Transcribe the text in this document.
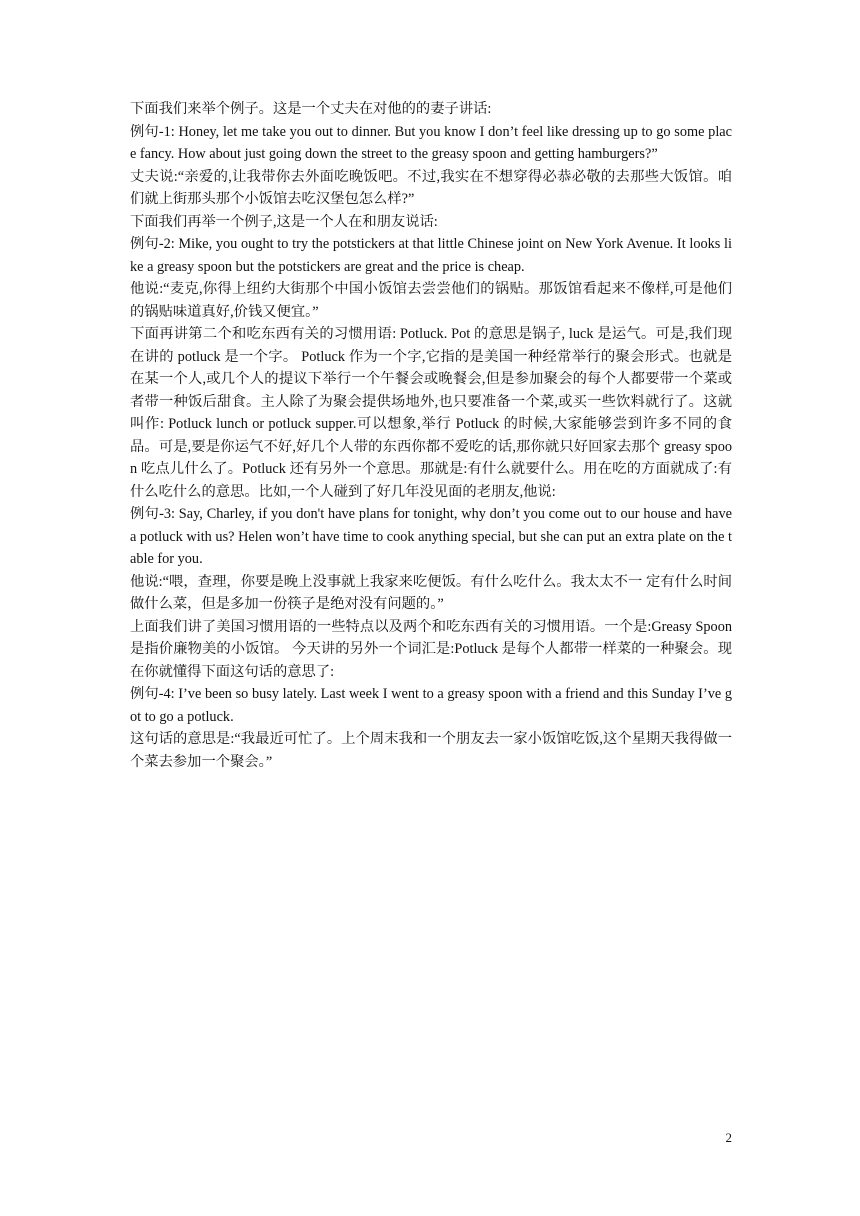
下面我们来举个例子。这是一个丈夫在对他的的妻子讲话:

例句-1: Honey, let me take you out to dinner. But you know I don’t feel like dressing up to go some place fancy. How about just going down the street to the greasy spoon and getting hamburgers?”

丈夫说:“亲爱的,让我带你去外面吃晚饭吧。不过,我实在不想穿得必恭必敬的去那些大饭馆。咱们就上街那头那个小饭馆去吃汉堡包怎么样?”

下面我们再举一个例子,这是一个人在和朋友说话:

例句-2: Mike, you ought to try the potstickers at that little Chinese joint on New York Avenue. It looks like a greasy spoon but the potstickers are great and the price is cheap.

他说:“麦克,你得上纽约大街那个中国小饭馆去尝尝他们的锅贴。那饭馆看起来不像样,可是他们的锅贴味道真好,价钱又便宜。”

下面再讲第二个和吃东西有关的习惯用语: Potluck. Pot 的意思是锅子, luck 是运气。可是,我们现在讲的 potluck 是一个字。 Potluck 作为一个字,它指的是美国一种经常举行的聚会形式。也就是在某一个人,或几个人的提议下举行一个午餐会或晚餐会,但是参加聚会的每个人都要带一个菜或者带一种饭后甜食。主人除了为聚会提供场地外,也只要准备一个菜,或买一些饮料就行了。这就叫作: Potluck lunch or potluck supper.可以想象,举行 Potluck 的时候,大家能够尝到许多不同的食品。可是,要是你运气不好,好几个人带的东西你都不爱吃的话,那你就只好回家去那个 greasy spoon 吃点儿什么了。Potluck 还有另外一个意思。那就是:有什么就要什么。用在吃的方面就成了:有什么吃什么的意思。比如,一个人碰到了好几年没见面的老朋友,他说:

例句-3: Say, Charley, if you don't have plans for tonight, why don’t you come out to our house and have a potluck with us? Helen won’t have time to cook anything special, but she can put an extra plate on the table for you.

他说:“喂，查理，你要是晚上没事就上我家来吃便饭。有什么吃什么。我太太不一 定有什么时间做什么菜，但是多加一份筷子是绝对没有问题的。”

上面我们讲了美国习惯用语的一些特点以及两个和吃东西有关的习惯用语。一个是:Greasy Spoon 是指价廉物美的小饭馆。 今天讲的另外一个词汇是:Potluck 是每个人都带一样菜的一种聚会。现在你就懂得下面这句话的意思了:

例句-4: I’ve been so busy lately. Last week I went to a greasy spoon with a friend and this Sunday I’ve got to go a potluck.

这句话的意思是:“我最近可忙了。上个周末我和一个朋友去一家小饭馆吃饭,这个星期天我得做一个菜去参加一个聚会。”

2
